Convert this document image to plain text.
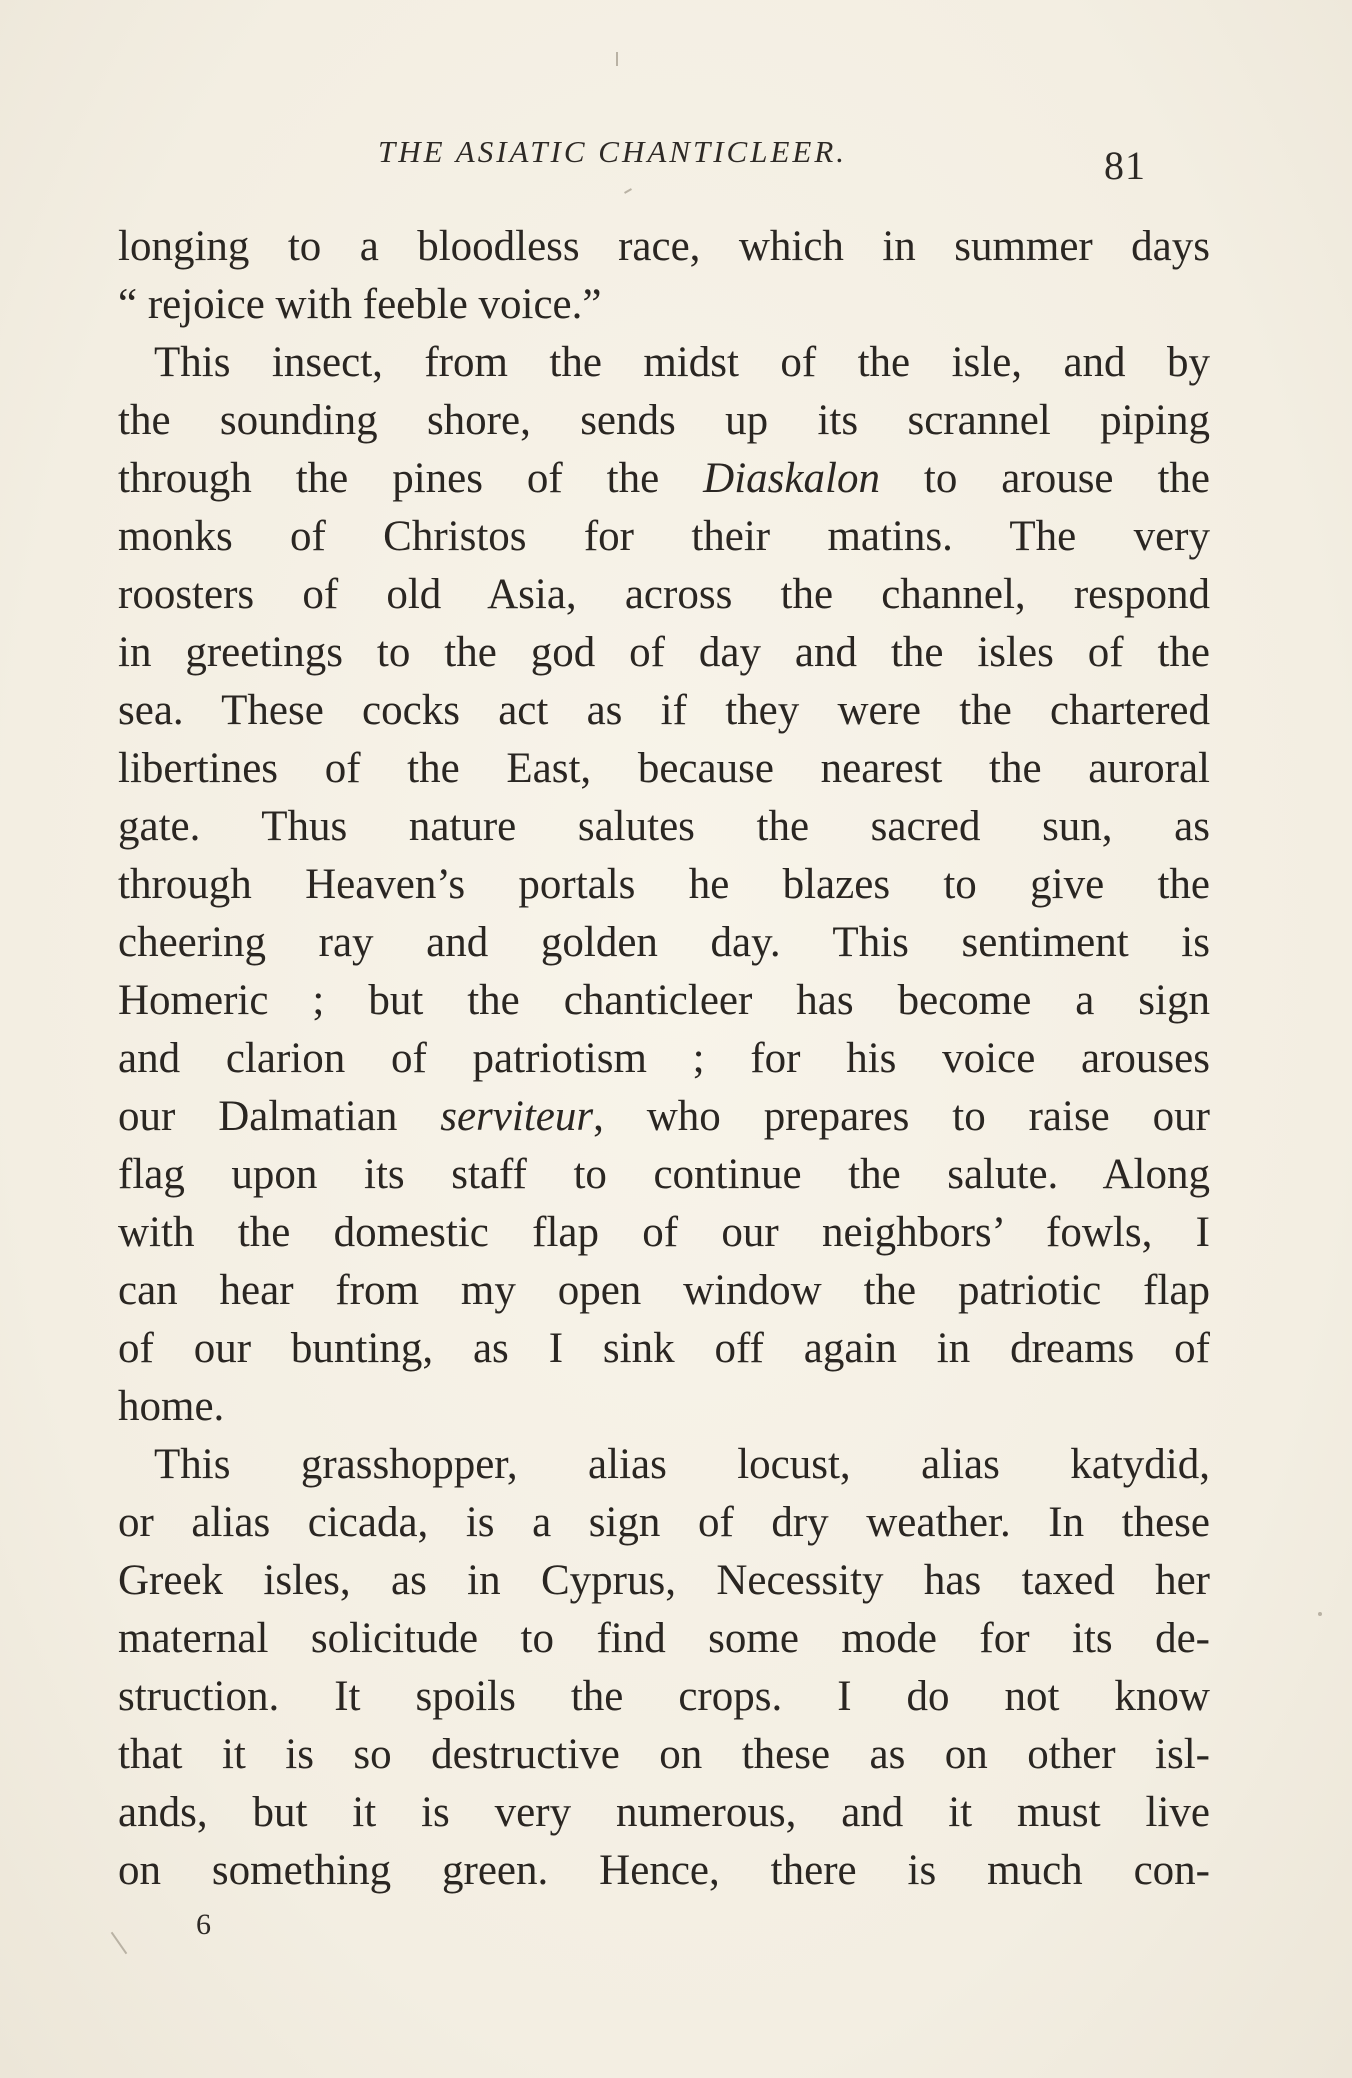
THE ASIATIC CHANTICLEER.	81
longing to a bloodless race, which in summer days
“ rejoice with feeble voice.”
This insect, from the midst of the isle, and by
the sounding shore, sends up its scrannel piping
through the pines of the Diaskalon to arouse the
monks of Christos for their matins. The very
roosters of old Asia, across the channel, respond
in greetings to the god of day and the isles of the
sea. These cocks act as if they were the chartered
libertines of the East, because nearest the auroral
gate. Thus nature salutes the sacred sun, as
through Heaven’s portals he blazes to give the
cheering ray and golden day. This sentiment is
Homeric ; but the chanticleer has become a sign
and clarion of patriotism ; for his voice arouses
our Dalmatian serviteur, who prepares to raise our
flag upon its staff to continue the salute. Along
with the domestic flap of our neighbors’ fowls, I
can hear from my open window the patriotic flap
of our bunting, as I sink off again in dreams of
home.
This grasshopper, alias locust, alias katydid,
or alias cicada, is a sign of dry weather. In these
Greek isles, as in Cyprus, Necessity has taxed her
maternal solicitude to find some mode for its de-
struction. It spoils the crops. I do not know
that it is so destructive on these as on other isl-
ands, but it is very numerous, and it must live
on something green. Hence, there is much con-
6
